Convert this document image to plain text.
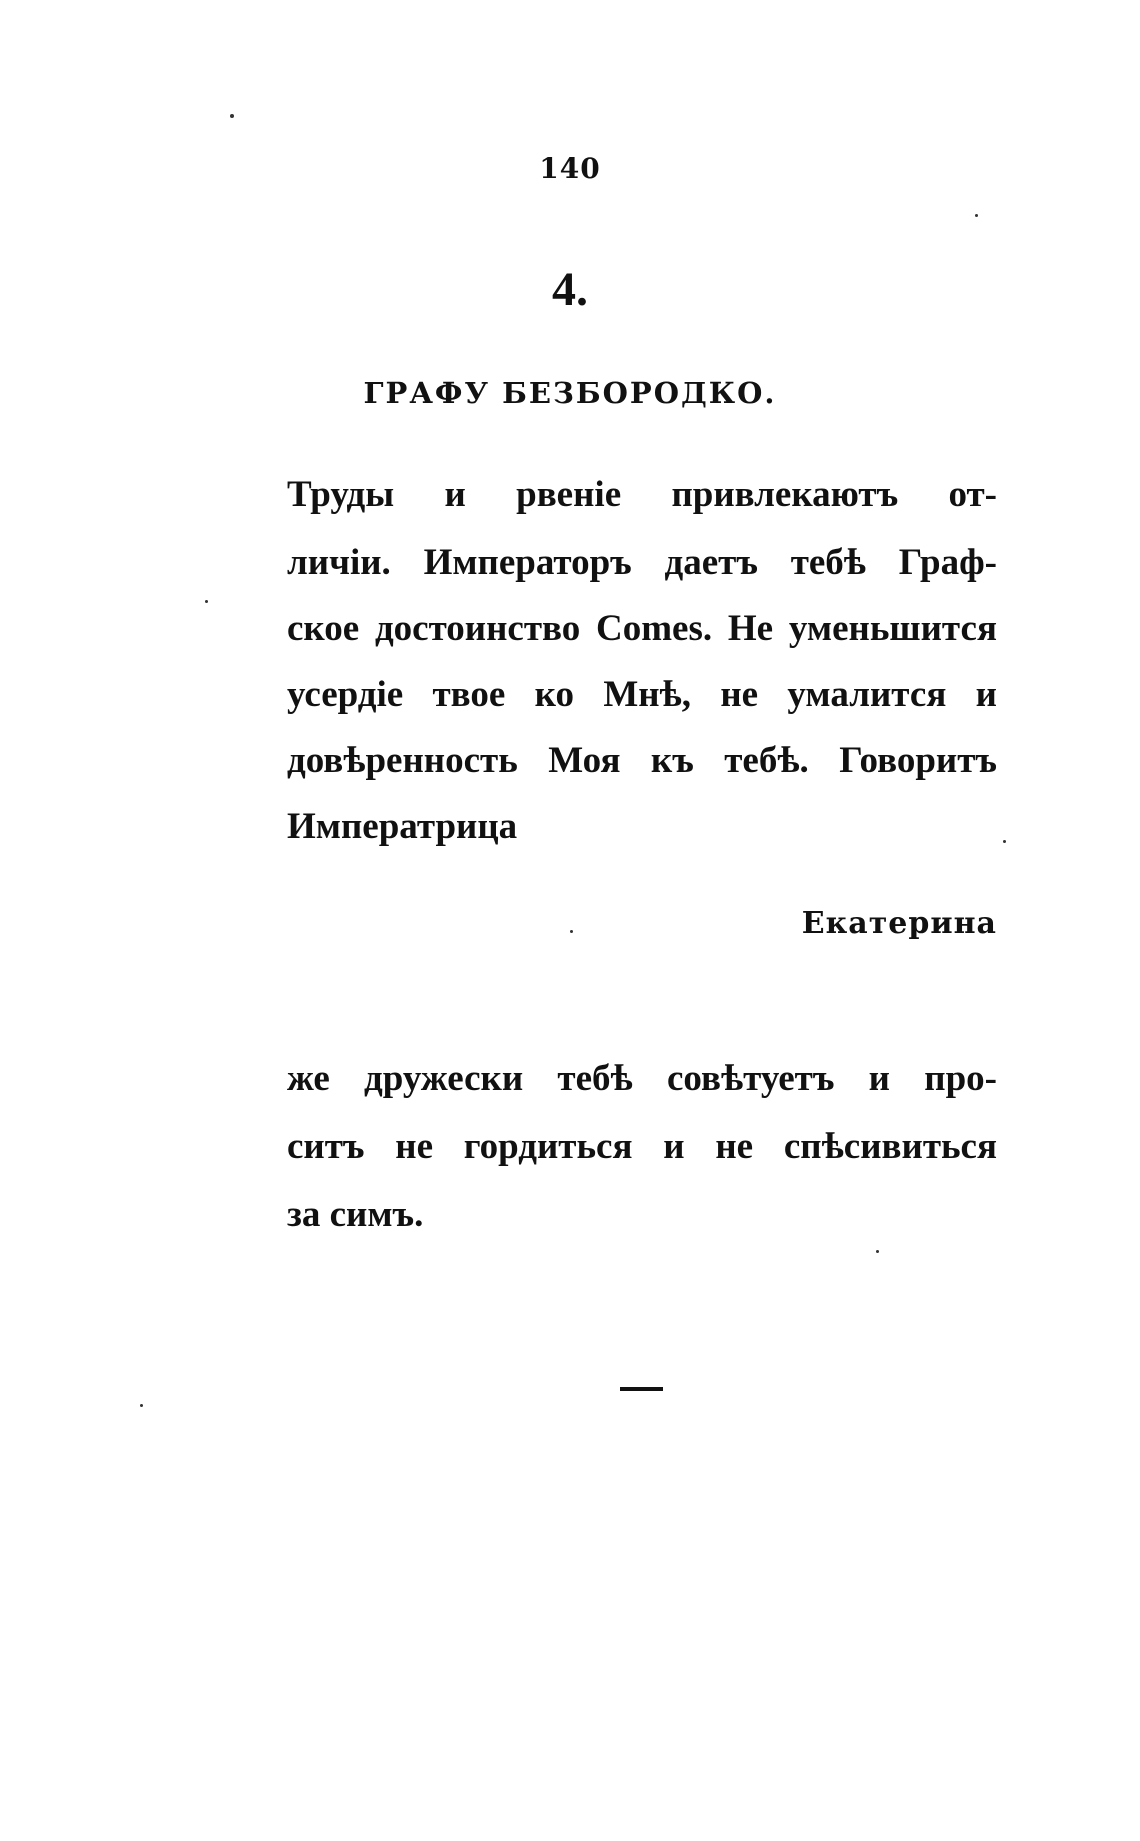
140
4.
ГРАФУ БЕЗБОРОДКО.
Труды и рвеніе привлекаютъ от-
личіи. Императоръ даетъ тебѣ Граф-
ское достоинство Comes. Не уменьшится
усердіе твое ко Мнѣ, не умалится и
довѣренность Моя къ тебѣ. Говоритъ
Императрица
Екатерина
же дружески тебѣ совѣтуетъ и про-
ситъ не гордиться и не спѣсивиться
за симъ.
